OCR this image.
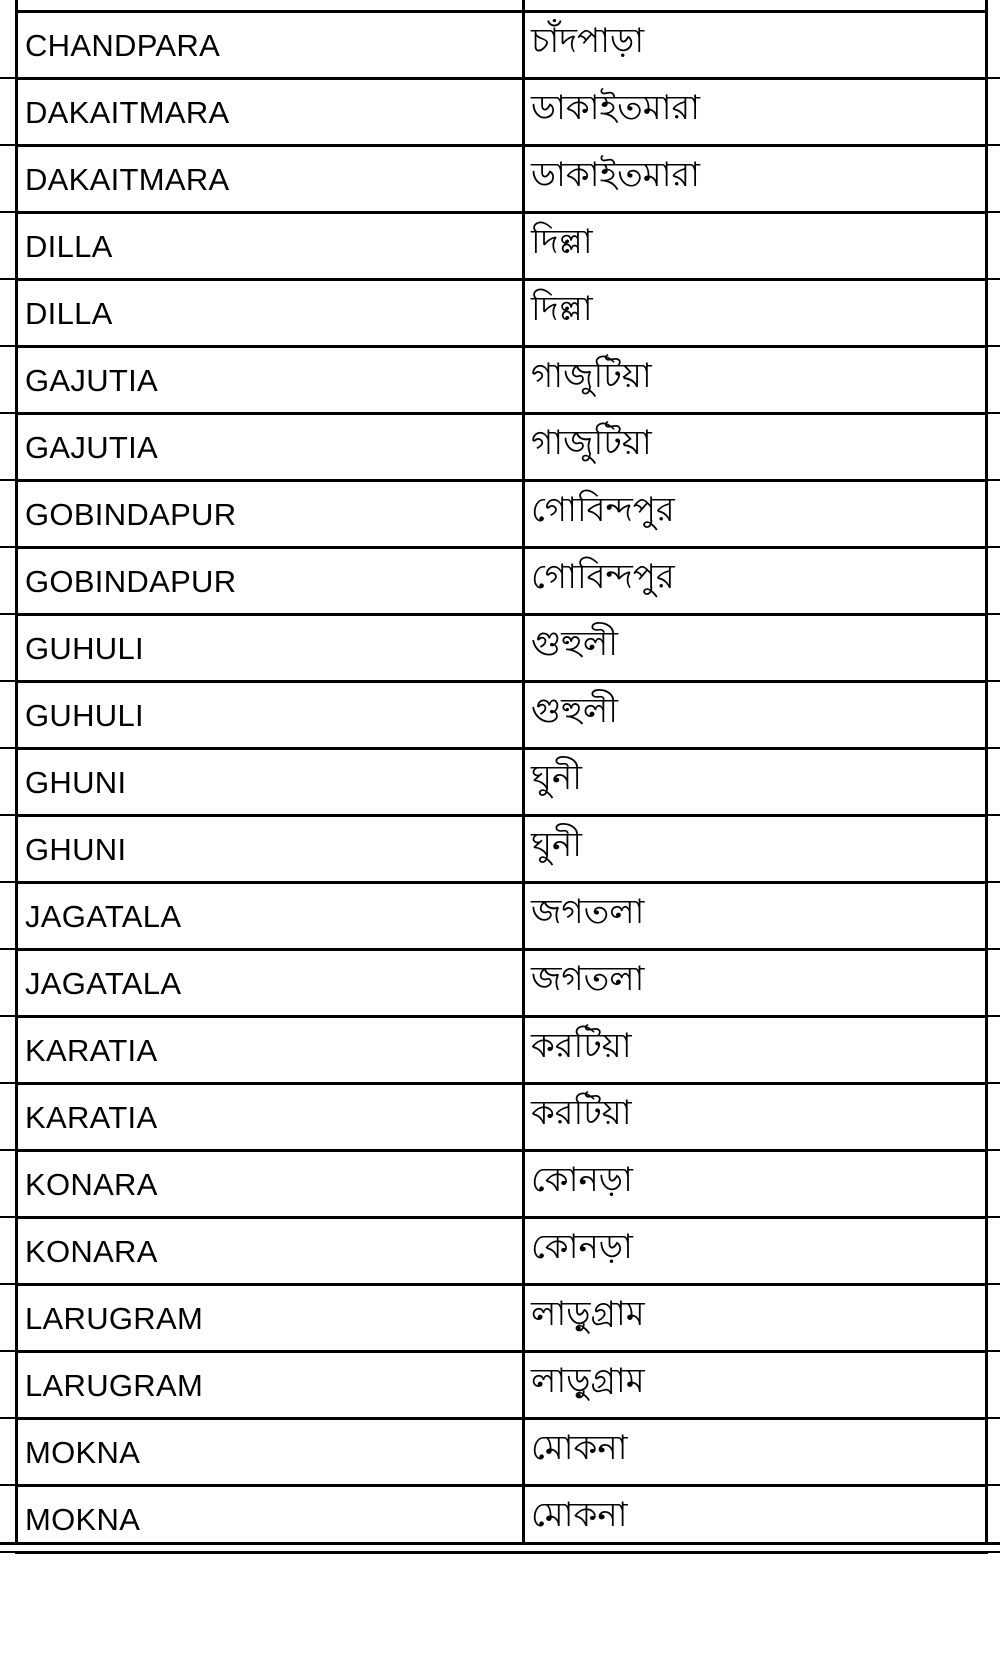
CHANDPARA	চাঁদপাড়া
DAKAITMARA	ডাকাইতমারা
DAKAITMARA	ডাকাইতমারা
DILLA	দিল্লা
DILLA	দিল্লা
GAJUTIA	গাজুটিয়া
GAJUTIA	গাজুটিয়া
GOBINDAPUR	গোবিন্দপুর
GOBINDAPUR	গোবিন্দপুর
GUHULI	গুহুলী
GUHULI	গুহুলী
GHUNI	ঘুনী
GHUNI	ঘুনী
JAGATALA	জগতলা
JAGATALA	জগতলা
KARATIA	করটিয়া
KARATIA	করটিয়া
KONARA	কোনড়া
KONARA	কোনড়া
LARUGRAM	লাড়ুগ্রাম
LARUGRAM	লাড়ুগ্রাম
MOKNA	মোকনা
MOKNA	মোকনা
